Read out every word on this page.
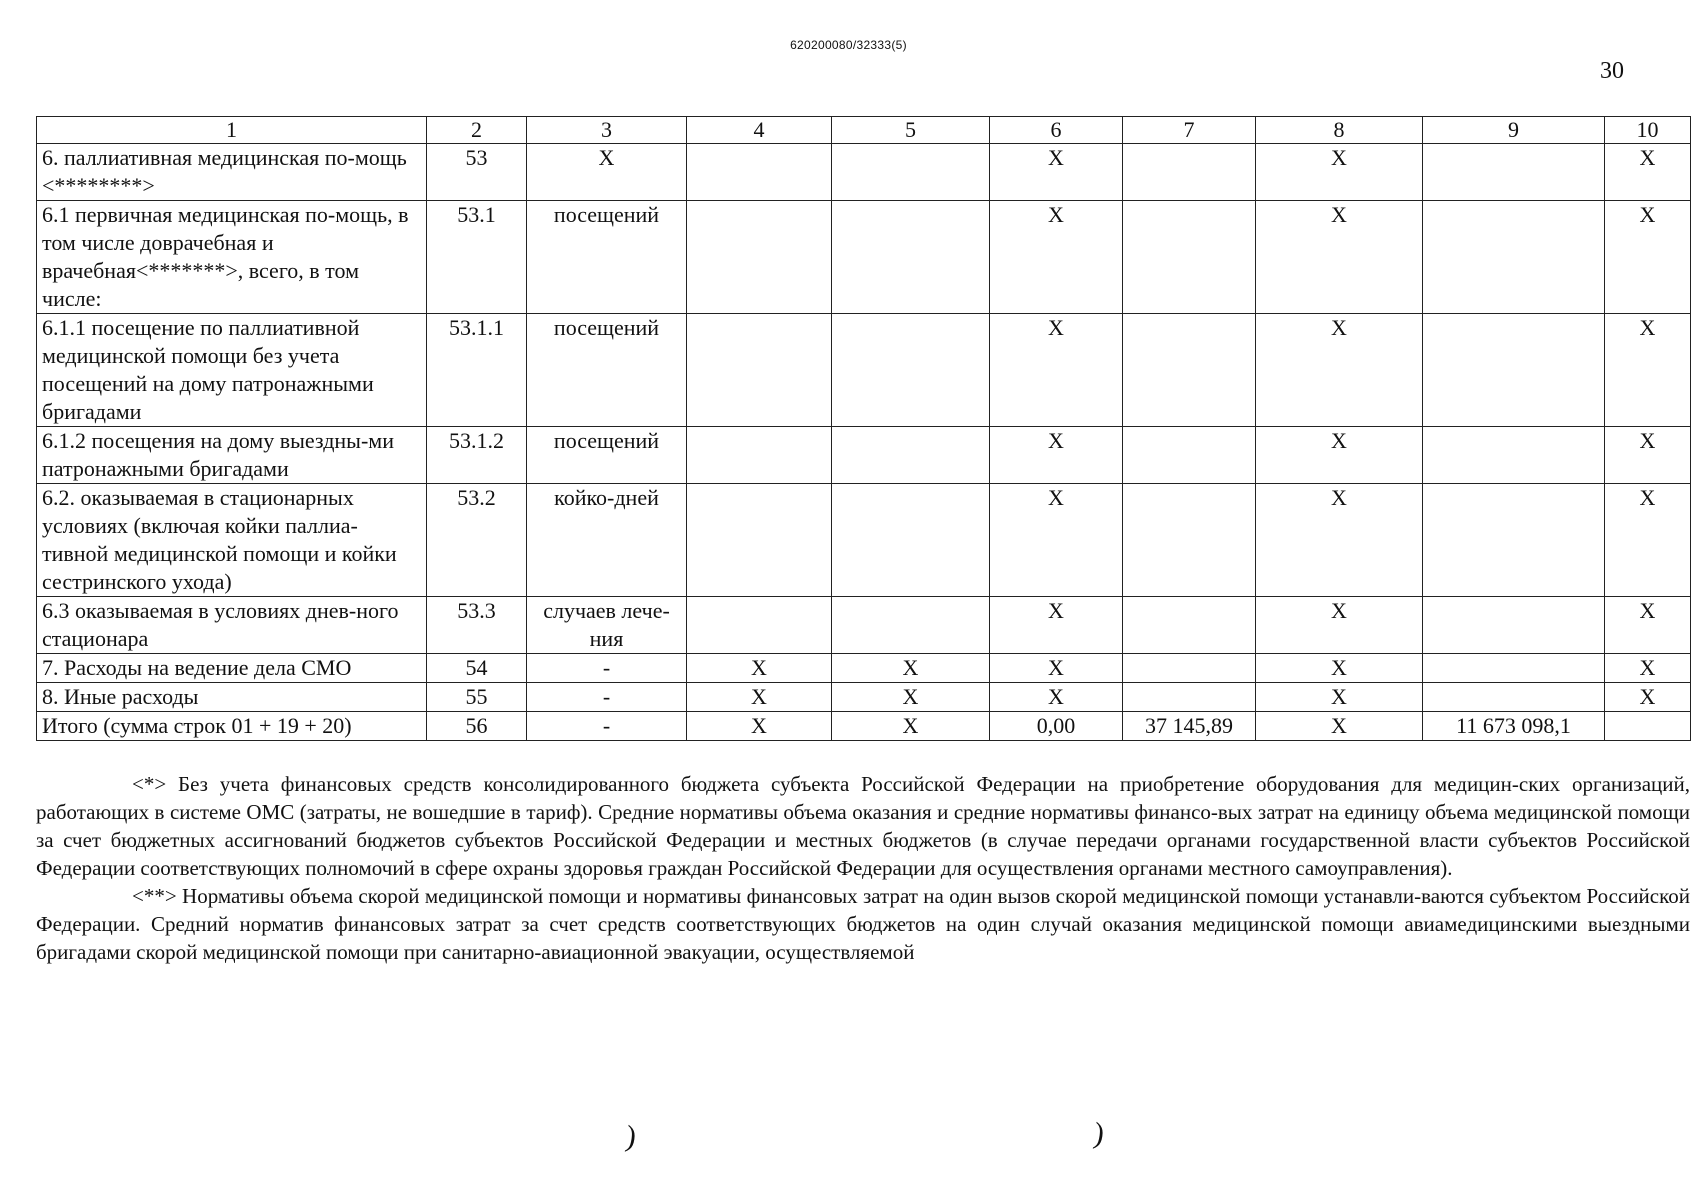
620200080/32333(5)
30
1	2	3	4	5	6	7	8	9	10
6. паллиативная медицинская по-мощь <********>	53	Х			Х		Х		Х
6.1 первичная медицинская по-мощь, в том числе доврачебная и врачебная<*******>, всего, в том числе:	53.1	посещений			Х		Х		Х
6.1.1 посещение по паллиативной медицинской помощи без учета посещений на дому патронажными бригадами	53.1.1	посещений			Х		Х		Х
6.1.2 посещения на дому выездны-ми патронажными бригадами	53.1.2	посещений			Х		Х		Х
6.2. оказываемая в стационарных условиях (включая койки паллиа-тивной медицинской помощи и койки сестринского ухода)	53.2	койко-дней			Х		Х		Х
6.3 оказываемая в условиях днев-ного стационара	53.3	случаев лече-ния			Х		Х		Х
7. Расходы на ведение дела СМО	54	-	Х	Х	Х		Х		Х
8. Иные расходы	55	-	Х	Х	Х		Х		Х
Итого (сумма строк 01 + 19 + 20)	56	-	Х	Х	0,00	37 145,89	Х	11 673 098,1	

<*> Без учета финансовых средств консолидированного бюджета субъекта Российской Федерации на приобретение оборудования для медицин-ских организаций, работающих в системе ОМС (затраты, не вошедшие в тариф). Средние нормативы объема оказания и средние нормативы финансо-вых затрат на единицу объема медицинской помощи за счет бюджетных ассигнований бюджетов субъектов Российской Федерации и местных бюджетов (в случае передачи органами государственной власти субъектов Российской Федерации соответствующих полномочий в сфере охраны здоровья граждан Российской Федерации для осуществления органами местного самоуправления).

<**> Нормативы объема скорой медицинской помощи и нормативы финансовых затрат на один вызов скорой медицинской помощи устанавли-ваются субъектом Российской Федерации. Средний норматив финансовых затрат за счет средств соответствующих бюджетов на один случай оказания медицинской помощи авиамедицинскими выездными бригадами скорой медицинской помощи при санитарно-авиационной эвакуации, осуществляемой

)	)
